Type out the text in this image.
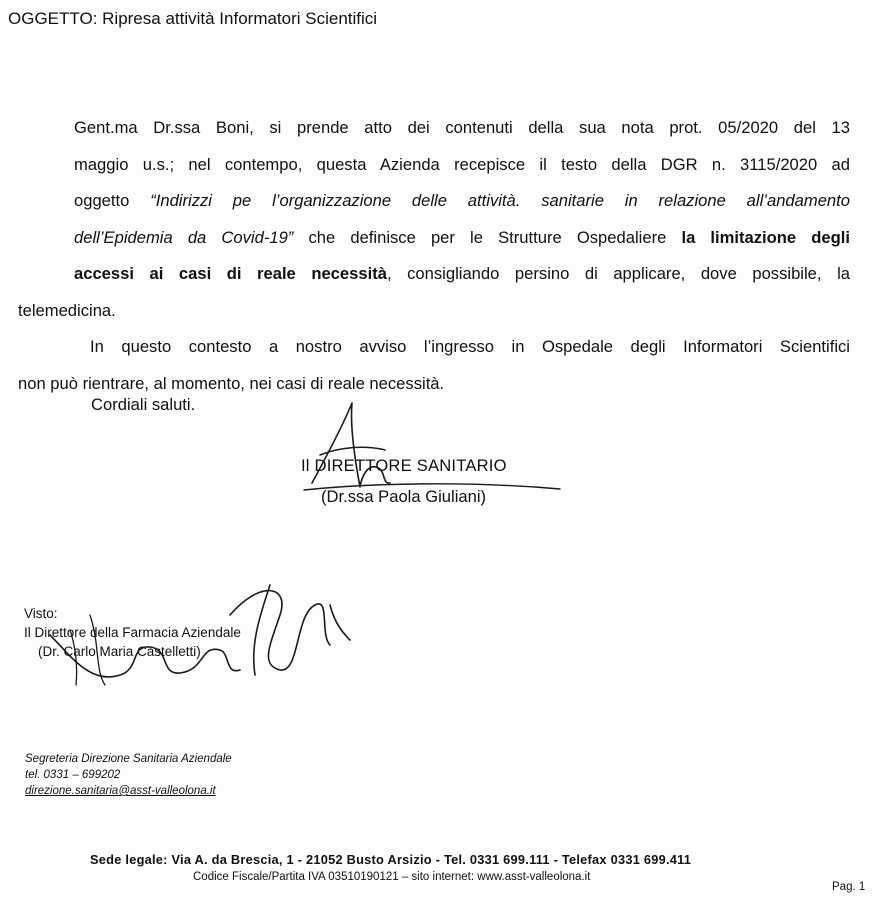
OGGETTO: Ripresa attività Informatori Scientifici

Gent.ma Dr.ssa Boni, si prende atto dei contenuti della sua nota prot. 05/2020 del 13
maggio u.s.; nel contempo, questa Azienda recepisce il testo della DGR n. 3115/2020 ad
oggetto “Indirizzi pe l’organizzazione delle attività. sanitarie in relazione all’andamento
dell’Epidemia da Covid-19” che definisce per le Strutture Ospedaliere la limitazione degli
accessi ai casi di reale necessità, consigliando persino di applicare, dove possibile, la
telemedicina.

In questo contesto a nostro avviso l’ingresso in Ospedale degli Informatori Scientifici
non può rientrare, al momento, nei casi di reale necessità.

Cordiali saluti.
Il DIRETTORE SANITARIO
(Dr.ssa Paola Giuliani)
Visto:
Il Direttore della Farmacia Aziendale
(Dr. Carlo Maria Castelletti)
Segreteria Direzione Sanitaria Aziendale
tel. 0331 – 699202
direzione.sanitaria@asst-valleolona.it
Sede legale: Via A. da Brescia, 1 - 21052 Busto Arsizio - Tel. 0331 699.111 - Telefax 0331 699.411
Codice Fiscale/Partita IVA 03510190121 – sito internet: www.asst-valleolona.it
Pag. 1
